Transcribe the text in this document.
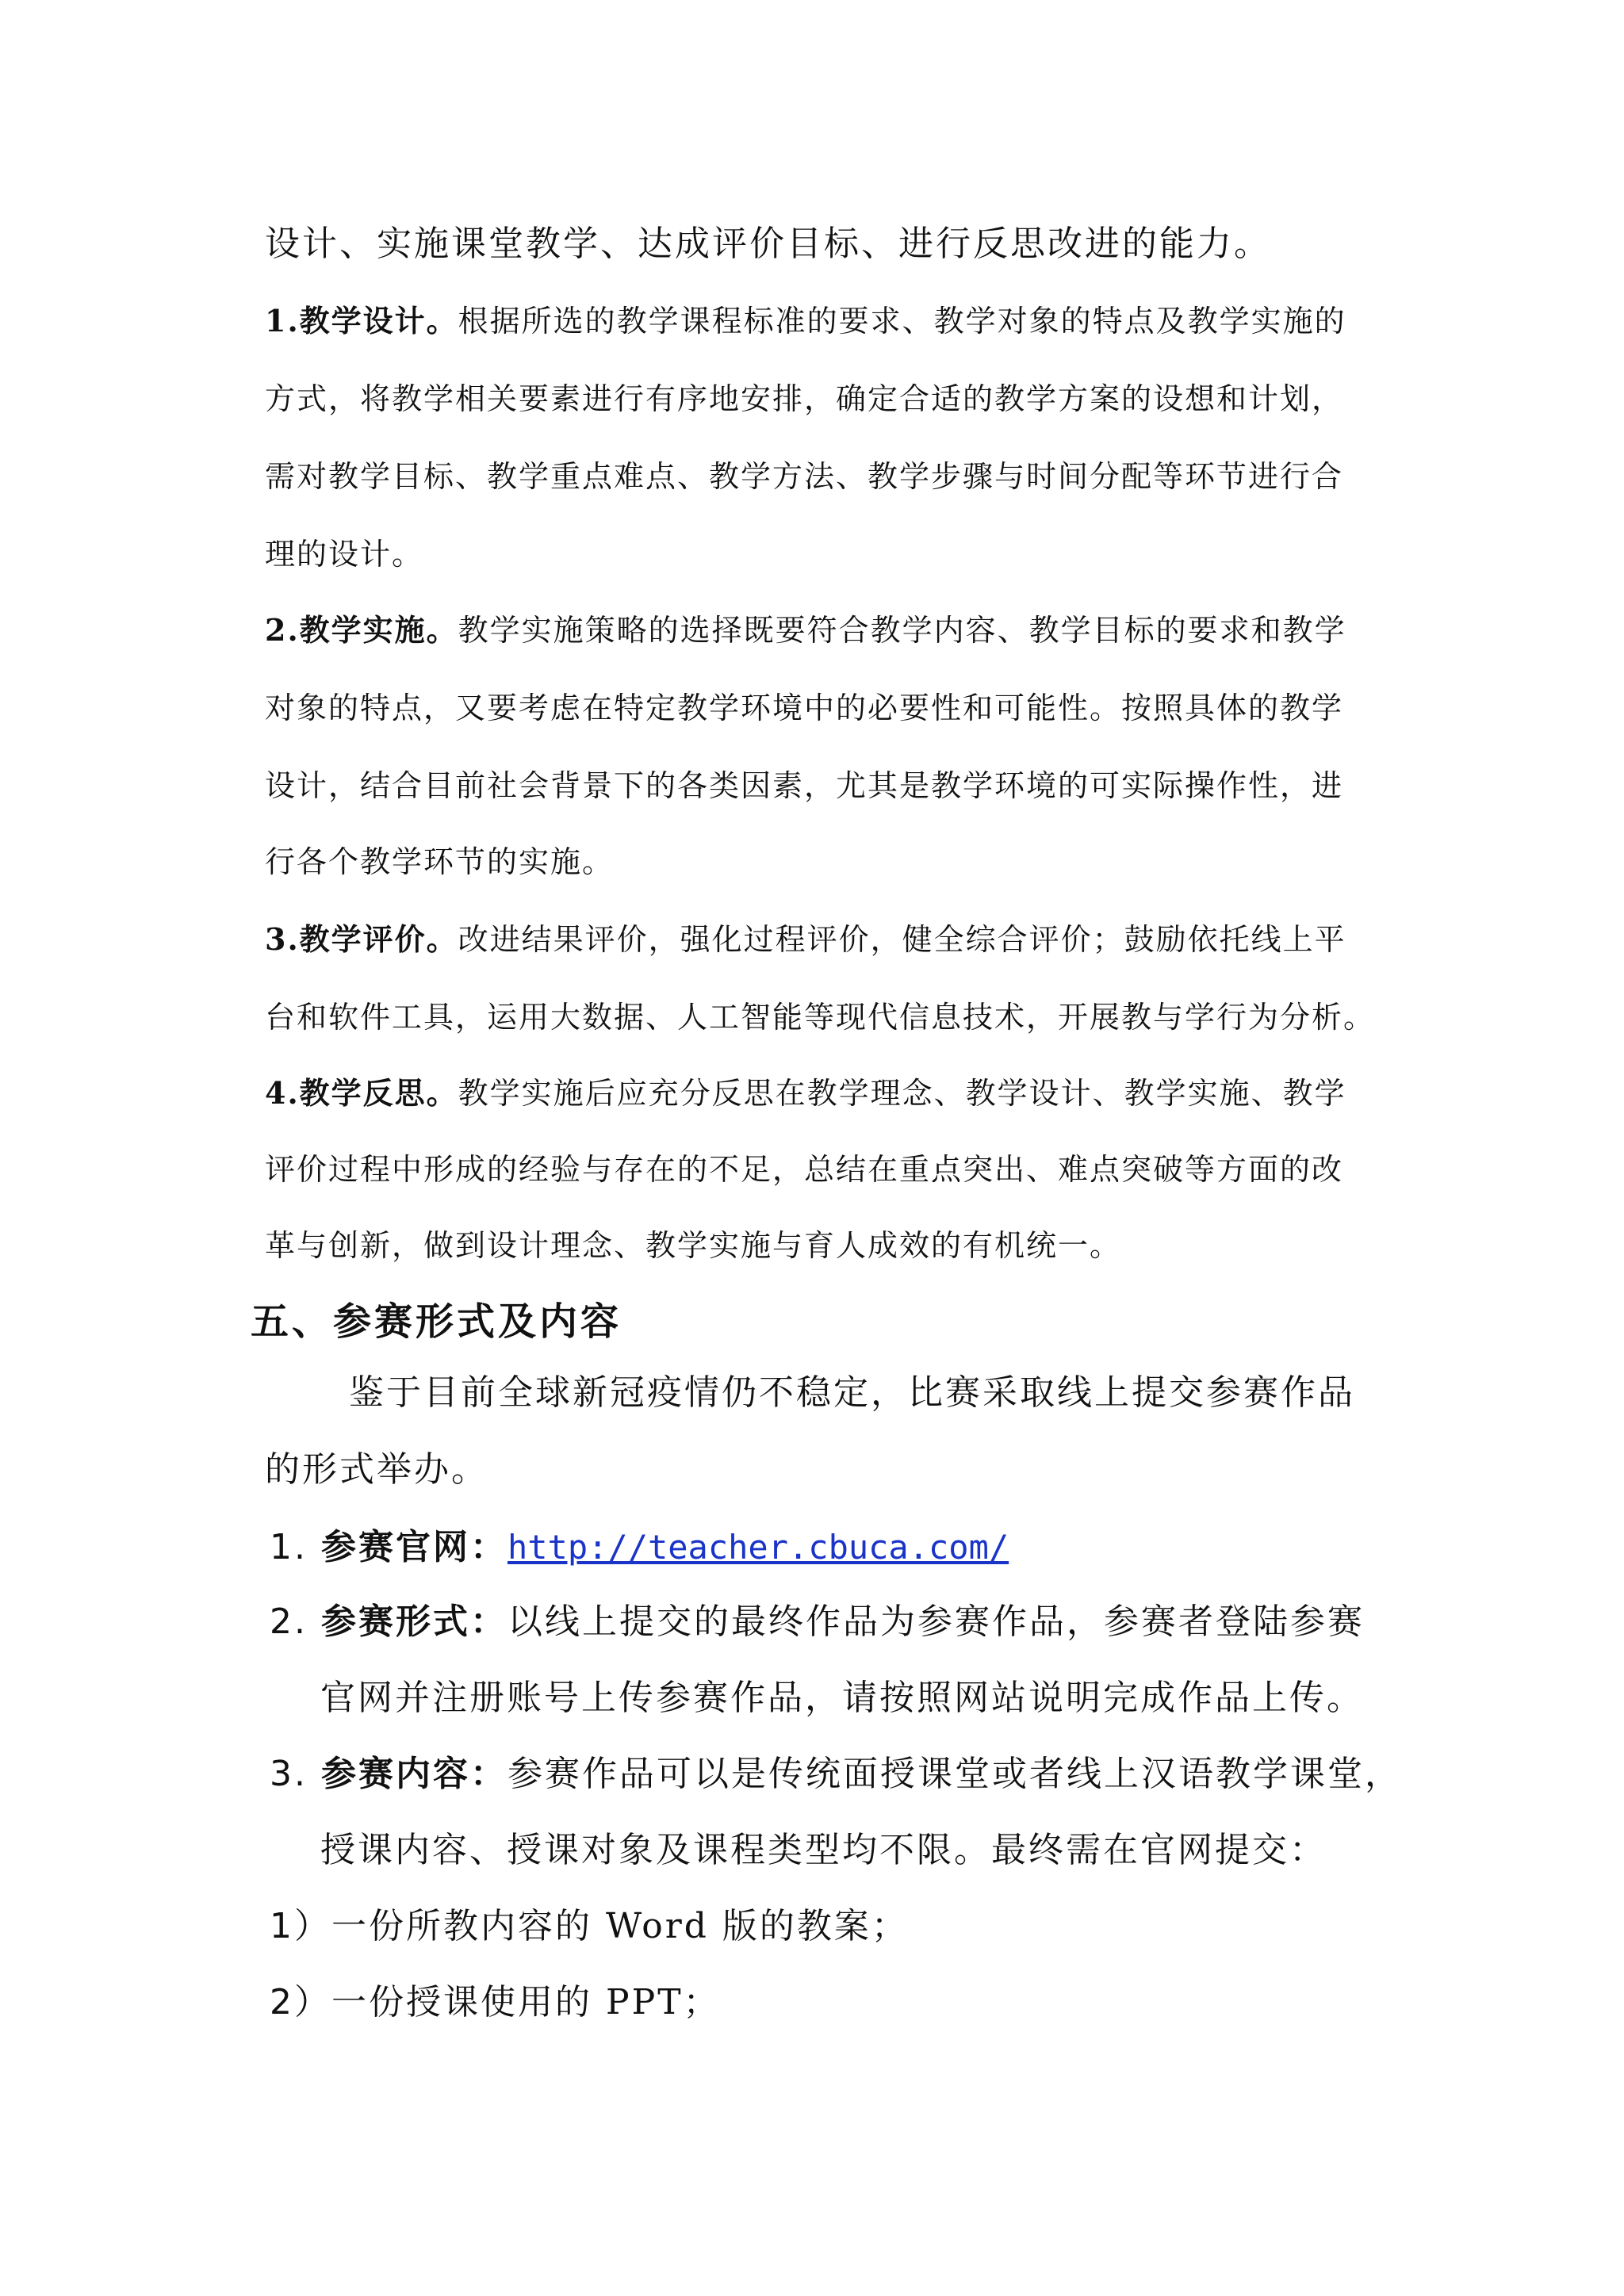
设计、实施课堂教学、达成评价目标、进行反思改进的能力。
1.教学设计。根据所选的教学课程标准的要求、教学对象的特点及教学实施的
方式，将教学相关要素进行有序地安排，确定合适的教学方案的设想和计划，
需对教学目标、教学重点难点、教学方法、教学步骤与时间分配等环节进行合
理的设计。
2.教学实施。教学实施策略的选择既要符合教学内容、教学目标的要求和教学
对象的特点，又要考虑在特定教学环境中的必要性和可能性。按照具体的教学
设计，结合目前社会背景下的各类因素，尤其是教学环境的可实际操作性，进
行各个教学环节的实施。
3.教学评价。改进结果评价，强化过程评价，健全综合评价；鼓励依托线上平
台和软件工具，运用大数据、人工智能等现代信息技术，开展教与学行为分析。
4.教学反思。教学实施后应充分反思在教学理念、教学设计、教学实施、教学
评价过程中形成的经验与存在的不足，总结在重点突出、难点突破等方面的改
革与创新，做到设计理念、教学实施与育人成效的有机统一。
五、参赛形式及内容
鉴于目前全球新冠疫情仍不稳定，比赛采取线上提交参赛作品
的形式举办。
1. 参赛官网：http://teacher.cbuca.com/
2. 参赛形式：以线上提交的最终作品为参赛作品，参赛者登陆参赛
官网并注册账号上传参赛作品，请按照网站说明完成作品上传。
3. 参赛内容：参赛作品可以是传统面授课堂或者线上汉语教学课堂，
授课内容、授课对象及课程类型均不限。最终需在官网提交：
1）一份所教内容的 Word 版的教案；
2）一份授课使用的 PPT；
